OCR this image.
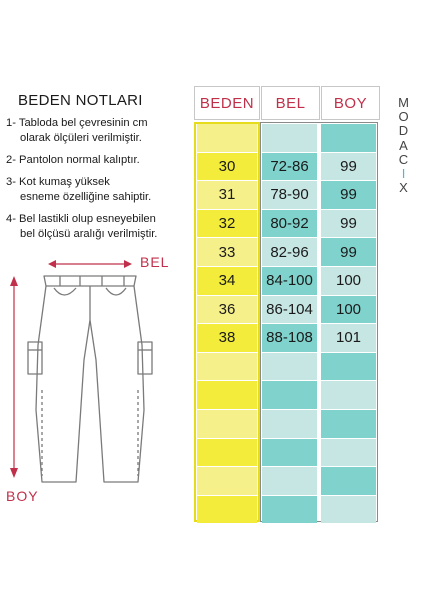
BEDEN NOTLARI
1- Tabloda bel çevresinin cm
olarak ölçüleri verilmiştir.
2- Pantolon normal kalıptır.
3- Kot kumaş yüksek
esneme özelliğine sahiptir.
4- Bel lastikli olup esneyebilen
bel ölçüsü aralığı verilmiştir.
M
O
D
A
C
I
X
BEDEN	BEL	BOY
30	72-86	99
31	78-90	99
32	80-92	99
33	82-96	99
34	84-100	100
36	86-104	100
38	88-108	101
BEL
BOY
